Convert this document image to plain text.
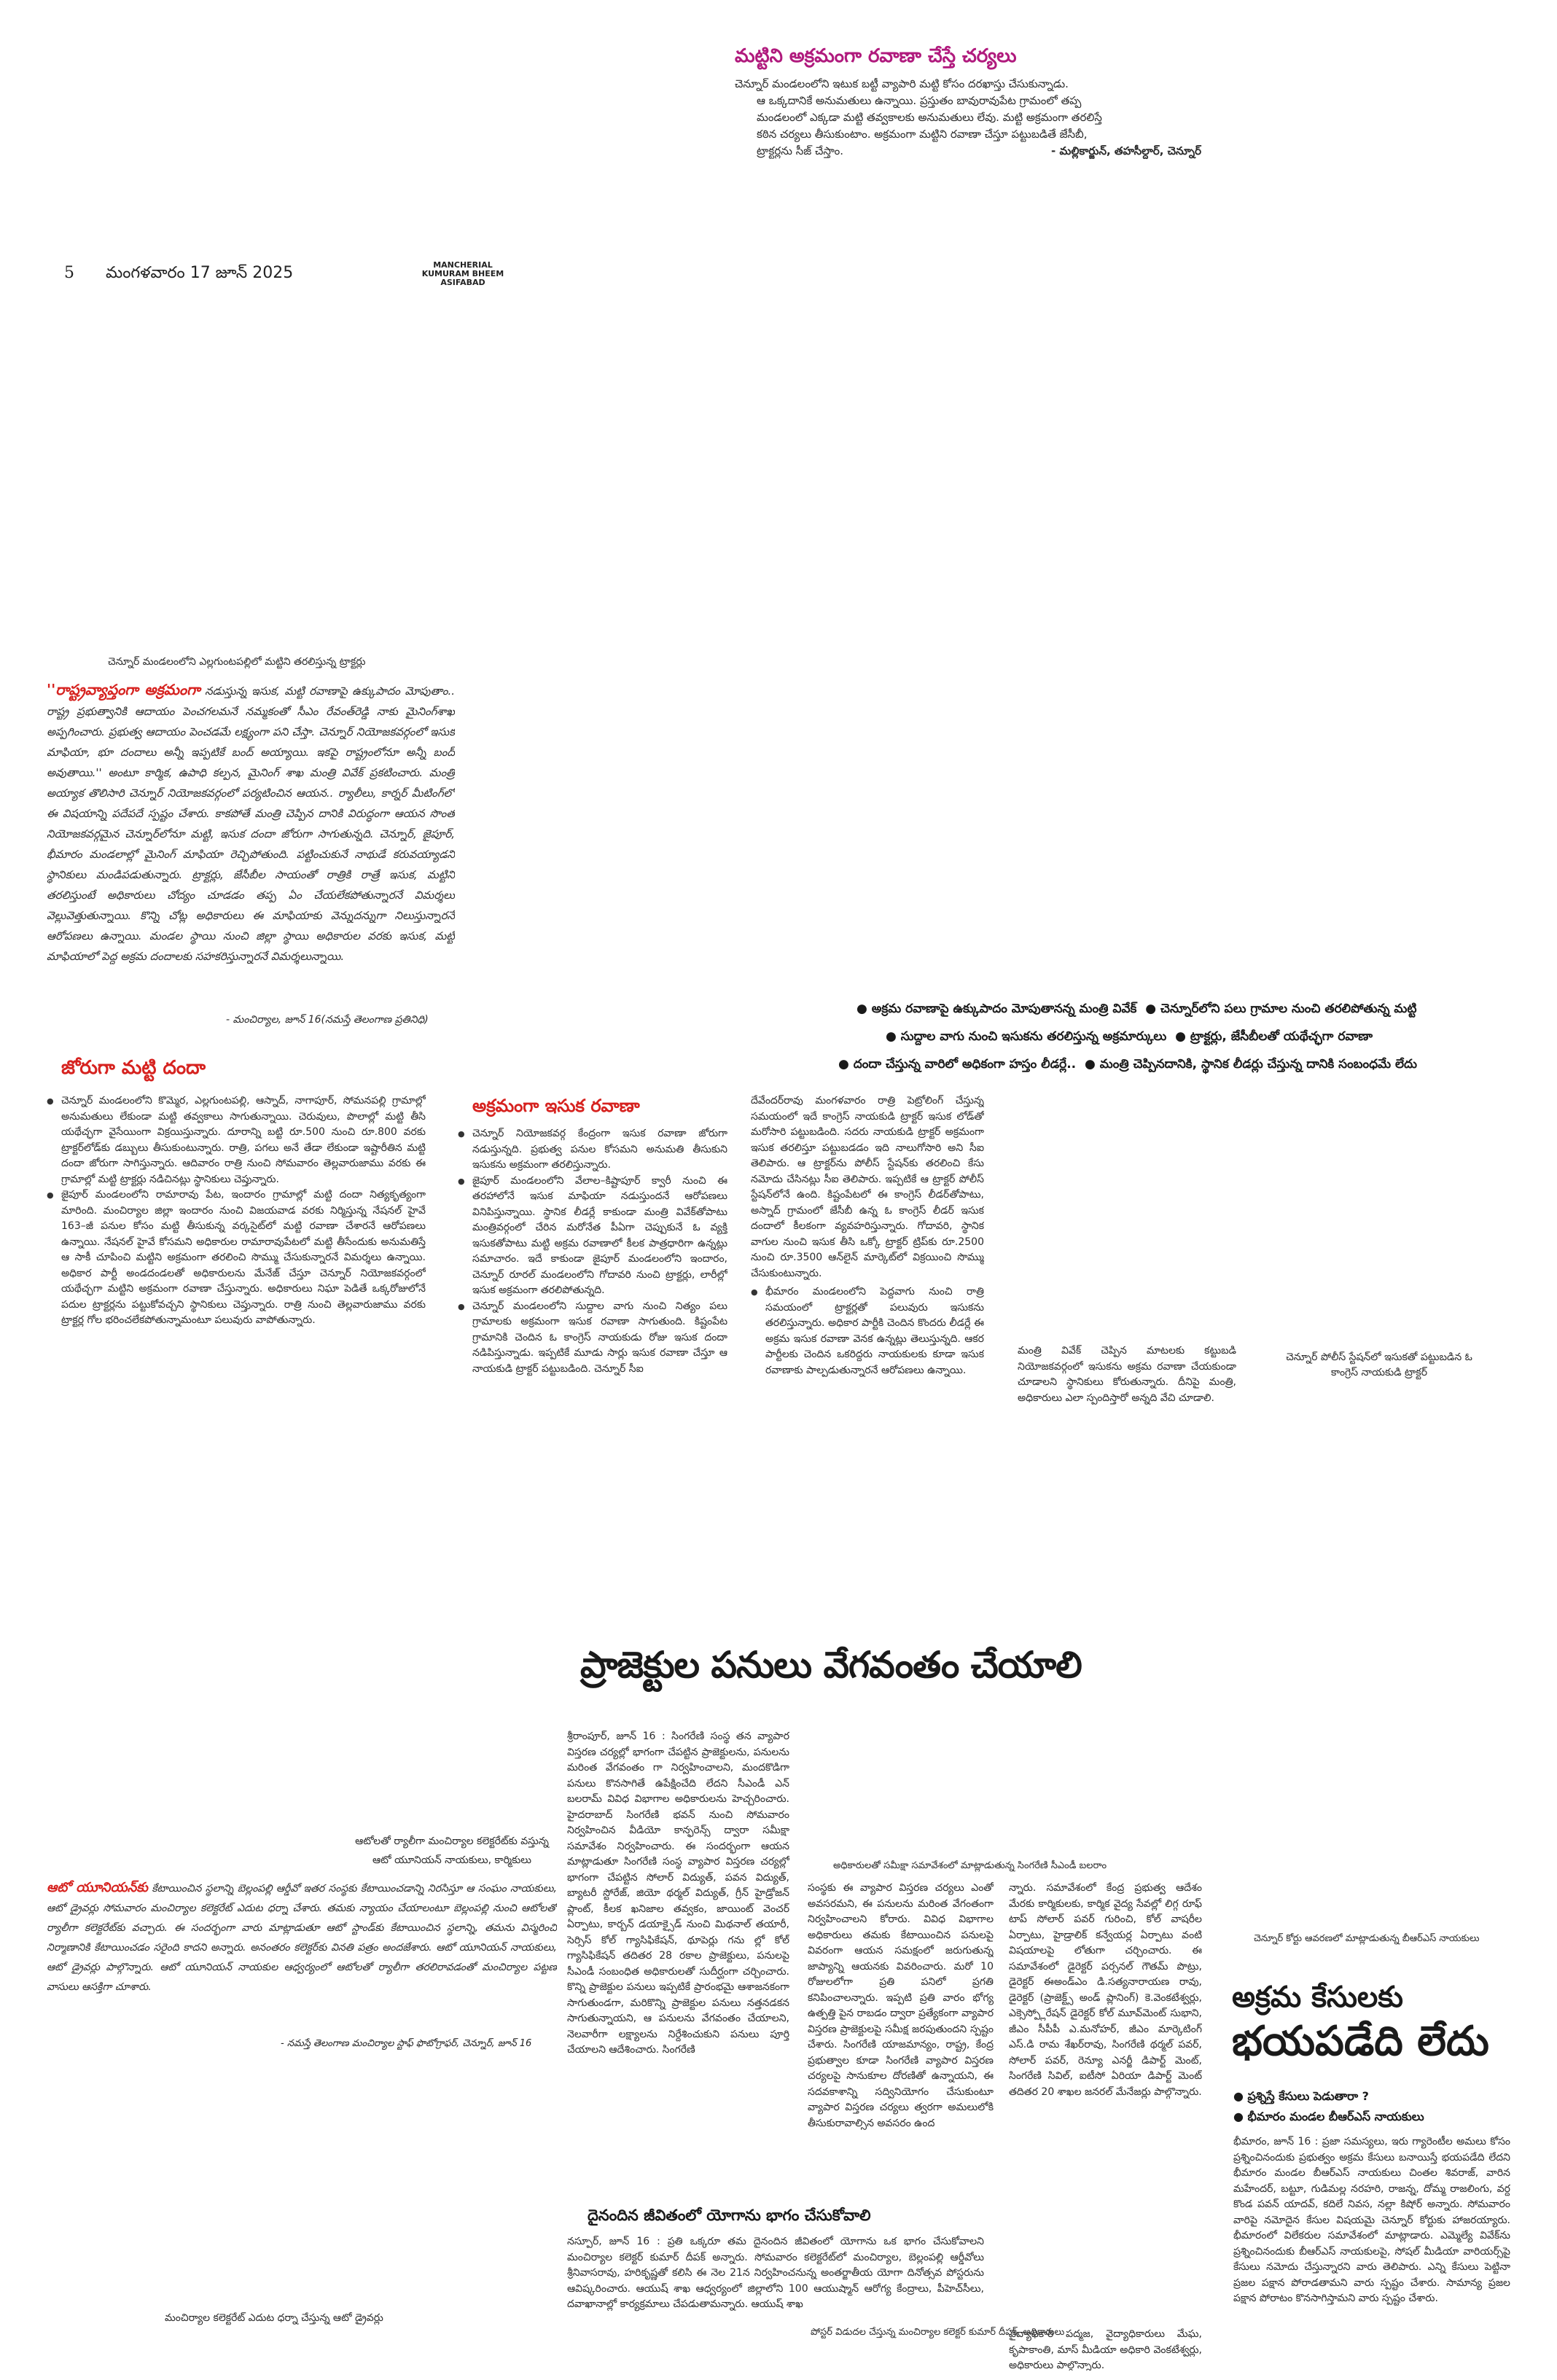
మట్టిని అక్రమంగా రవాణా చేస్తే చర్యలు
చెన్నూర్ మండలంలోని ఇటుక బట్టీ వ్యాపారి మట్టి కోసం దరఖాస్తు చేసుకున్నాడు.
ఆ ఒక్కదానికే అనుమతులు ఉన్నాయి. ప్రస్తుతం బావురావుపేట గ్రామంలో తప్ప
మండలంలో ఎక్కడా మట్టి తవ్వకాలకు అనుమతులు లేవు. మట్టి అక్రమంగా తరలిస్తే
కఠిన చర్యలు తీసుకుంటాం. అక్రమంగా మట్టిని రవాణా చేస్తూ పట్టుబడితే జేసీబీ,
ట్రాక్టర్లను సీజ్ చేస్తాం.	- మల్లికార్జున్, తహసీల్దార్, చెన్నూర్
5 మంగళవారం 17 జూన్ 2025	MANCHERIAL
KUMURAM BHEEM
ASIFABAD
చెన్నూర్ మండలంలోని ఎల్లగుంటపల్లిలో మట్టిని తరలిస్తున్న ట్రాక్టర్లు
''రాష్ట్రవ్యాప్తంగా అక్రమంగా నడుస్తున్న ఇసుక, మట్టి రవాణాపై ఉక్కుపాదం మోపుతాం.. రాష్ట్ర ప్రభుత్వానికి ఆదాయం పెంచగలమనే నమ్మకంతో సీఎం రేవంత్‌రెడ్డి నాకు మైనింగ్‌శాఖ అప్పగించారు. ప్రభుత్వ ఆదాయం పెంచడమే లక్ష్యంగా పని చేస్తా. చెన్నూర్ నియోజకవర్గంలో ఇసుక మాఫియా, భూ దందాలు అన్నీ ఇప్పటికే బంద్ అయ్యాయి. ఇకపై రాష్ట్రంలోనూ అన్నీ బంద్ అవుతాయి.'' అంటూ కార్మిక, ఉపాధి కల్పన, మైనింగ్ శాఖ మంత్రి వివేక్ ప్రకటించారు. మంత్రి అయ్యాక తొలిసారి చెన్నూర్ నియోజకవర్గంలో పర్యటించిన ఆయన.. ర్యాలీలు, కార్నర్ మీటింగ్‌లో ఈ విషయాన్ని పదేపదే స్పష్టం చేశారు. కాకపోతే మంత్రి చెప్పిన దానికి విరుద్ధంగా ఆయన సొంత నియోజకవర్గమైన చెన్నూర్‌లోనూ మట్టి, ఇసుక దందా జోరుగా సాగుతున్నది. చెన్నూర్, జైపూర్, భీమారం మండలాల్లో మైనింగ్ మాఫియా రెచ్చిపోతుంది. పట్టించుకునే నాథుడే కరువయ్యాడని స్థానికులు మండిపడుతున్నారు. ట్రాక్టర్లు, జేసీబీల సాయంతో రాత్రికి రాత్రే ఇసుక, మట్టిని తరలిస్తుంటే అధికారులు చోద్యం చూడడం తప్ప ఏం చేయలేకపోతున్నారనే విమర్శలు వెల్లువెత్తుతున్నాయి. కొన్ని చోట్ల అధికారులు ఈ మాఫియాకు వెన్నుదన్నుగా నిలుస్తున్నారనే ఆరోపణలు ఉన్నాయి. మండల స్థాయి నుంచి జిల్లా స్థాయి అధికారుల వరకు ఇసుక, మట్టి మాఫియాలో పెద్ద అక్రమ దందాలకు సహకరిస్తున్నారనే విమర్శలున్నాయి.
- మంచిర్యాల, జూన్ 16(నమస్తే తెలంగాణ ప్రతినిధి)
● అక్రమ రవాణాపై ఉక్కుపాదం మోపుతానన్న మంత్రి వివేక్ ● చెన్నూర్‌లోని పలు గ్రామాల నుంచి తరలిపోతున్న మట్టి
● సుద్దాల వాగు నుంచి ఇసుకను తరలిస్తున్న అక్రమార్కులు ● ట్రాక్టర్లు, జేసీబీలతో యథేచ్ఛగా రవాణా
● దందా చేస్తున్న వారిలో అధికంగా హస్తం లీడర్లే.. ● మంత్రి చెప్పినదానికి, స్థానిక లీడర్లు చేస్తున్న దానికి సంబంధమే లేదు
జోరుగా మట్టి దందా

● చెన్నూర్ మండలంలోని కొమ్మెర, ఎల్లగుంటపల్లి, ఆస్నాద్, నాగాపూర్, సోమనపల్లి గ్రామాల్లో అనుమతులు లేకుండా మట్టి తవ్వకాలు సాగుతున్నాయి. చెరువులు, పొలాల్లో మట్టి తీసి యథేచ్ఛగా వైసేయింగా విక్రయిస్తున్నారు. దూరాన్ని బట్టి రూ.500 నుంచి రూ.800 వరకు ట్రాక్టర్‌లోడ్‌కు డబ్బులు తీసుకుంటున్నారు. రాత్రి, పగలు అనే తేడా లేకుండా ఇష్టారీతిన మట్టి దందా జోరుగా సాగిస్తున్నారు. ఆదివారం రాత్రి నుంచి సోమవారం తెల్లవారుజాము వరకు ఈ గ్రామాల్లో మట్టి ట్రాక్టర్లు నడిచినట్లు స్థానికులు చెప్తున్నారు.

● జైపూర్ మండలంలోని రామారావు పేట, ఇందారం గ్రామాల్లో మట్టి దందా నిత్యకృత్యంగా మారింది. మంచిర్యాల జిల్లా ఇందారం నుంచి విజయవాడ వరకు నిర్మిస్తున్న నేషనల్ హైవే 163–జీ పనుల కోసం మట్టి తీసుకున్న వర్కసైట్‌లో మట్టి రవాణా చేశారనే ఆరోపణలు ఉన్నాయి. నేషనల్ హైవే కోసమని అధికారుల రామారావుపేటలో మట్టి తీసేందుకు అనుమతిస్తే ఆ సాకీ చూపించి మట్టిని అక్రమంగా తరలించి సొమ్ము చేసుకున్నారనే విమర్శలు ఉన్నాయి. అధికార పార్టీ అండదండలతో అధికారులను మేనేజ్ చేస్తూ చెన్నూర్ నియోజకవర్గంలో యథేచ్ఛగా మట్టిని అక్రమంగా రవాణా చేస్తున్నారు. అధికారులు నిఘా పెడితే ఒక్కరోజులోనే పదుల ట్రాక్టర్లను పట్టుకోవచ్చని స్థానికులు చెప్తున్నారు. రాత్రి నుంచి తెల్లవారుజాము వరకు ట్రాక్టర్ల గోల భరించలేకపోతున్నామంటూ పలువురు వాపోతున్నారు.

అక్రమంగా ఇసుక రవాణా

● చెన్నూర్ నియోజకవర్గ కేంద్రంగా ఇసుక రవాణా జోరుగా నడుస్తున్నది. ప్రభుత్వ పనుల కోసమని అనుమతి తీసుకుని ఇసుకను అక్రమంగా తరలిస్తున్నారు.

● జైపూర్ మండలంలోని వేలాల–కిష్టాపూర్ క్వారీ నుంచి ఈ తరహాలోనే ఇసుక మాఫియా నడుస్తుందనే ఆరోపణలు వినిపిస్తున్నాయి. స్థానిక లీడర్లే కాకుండా మంత్రి వివేక్‌తోపాటు మంత్రివర్గంలో చేరిన మరోనేత పీఏగా చెప్పుకునే ఓ వ్యక్తి ఇసుకతోపాటు మట్టి అక్రమ రవాణాలో కీలక పాత్రధారిగా ఉన్నట్లు సమాచారం. ఇదే కాకుండా జైపూర్ మండలంలోని ఇందారం, చెన్నూర్ రూరల్ మండలంలోని గోదావరి నుంచి ట్రాక్టర్లు, లారీల్లో ఇసుక అక్రమంగా తరలిపోతున్నది.

● చెన్నూర్ మండలంలోని సుద్దాల వాగు నుంచి నిత్యం పలు గ్రామాలకు అక్రమంగా ఇసుక రవాణా సాగుతుంది. కిష్టంపేట గ్రామానికి చెందిన ఓ కాంగ్రెస్ నాయకుడు రోజు ఇసుక దందా నడిపిస్తున్నాడు. ఇప్పటికే మూడు సార్లు ఇసుక రవాణా చేస్తూ ఆ నాయకుడి ట్రాక్టర్ పట్టుబడింది. చెన్నూర్ సీఐ

దేవేందర్‌రావు మంగళవారం రాత్రి పెట్రోలింగ్ చేస్తున్న సమయంలో ఇదే కాంగ్రెస్ నాయకుడి ట్రాక్టర్ ఇసుక లోడ్‌తో మరోసారి పట్టుబడింది. సదరు నాయకుడి ట్రాక్టర్ అక్రమంగా ఇసుక తరలిస్తూ పట్టుబడడం ఇది నాలుగోసారి అని సీఐ తెలిపారు. ఆ ట్రాక్టర్‌ను పోలీస్ స్టేషన్‌కు తరలించి కేసు నమోదు చేసినట్లు సీఐ తెలిపారు. ఇప్పటికే ఆ ట్రాక్టర్ పోలీస్ స్టేషన్‌లోనే ఉంది. కిష్టంపేటలో ఈ కాంగ్రెస్ లీడర్‌తోపాటు, అస్నాద్ గ్రామంలో జేసీబీ ఉన్న ఓ కాంగ్రెస్ లీడర్ ఇసుక దందాలో కీలకంగా వ్యవహరిస్తున్నారు. గోదావరి, స్థానిక వాగుల నుంచి ఇసుక తీసి ఒక్కో ట్రాక్టర్ ట్రిప్‌కు రూ.2500 నుంచి రూ.3500 ఆన్‌లైన్ మార్కెట్‌లో విక్రయించి సొమ్ము చేసుకుంటున్నారు.

● భీమారం మండలంలోని పెద్దవాగు నుంచి రాత్రి సమయంలో ట్రాక్టర్లతో పలువురు ఇసుకను తరలిస్తున్నారు. అధికార పార్టీకి చెందిన కొందరు లీడర్లే ఈ అక్రమ ఇసుక రవాణా వెనక ఉన్నట్లు తెలుస్తున్నది. ఆకర పార్టీలకు చెందిన ఒకరిద్దరు నాయకులకు కూడా ఇసుక రవాణాకు పాల్పడుతున్నారనే ఆరోపణలు ఉన్నాయి.

మంత్రి వివేక్ చెప్పిన మాటలకు కట్టుబడి నియోజకవర్గంలో ఇసుకను అక్రమ రవాణా చేయకుండా చూడాలని స్థానికులు కోరుతున్నారు. దీనిపై మంత్రి, అధికారులు ఎలా స్పందిస్తారో అన్నది వేచి చూడాలి.
చెన్నూర్ పోలీస్ స్టేషన్‌లో ఇసుకతో పట్టుబడిన ఓ కాంగ్రెస్ నాయకుడి ట్రాక్టర్
ప్రాజెక్టుల పనులు వేగవంతం చేయాలి
ఆటోలతో ర్యాలీగా మంచిర్యాల కలెక్టరేట్‌కు వస్తున్న
ఆటో యూనియన్ నాయకులు, కార్మికులు
ఆటో యూనియన్‌కు కేటాయించిన స్థలాన్ని బెల్లంపల్లి ఆర్డీవో ఇతర సంస్థకు కేటాయించడాన్ని నిరసిస్తూ ఆ సంఘం నాయకులు, ఆటో డ్రైవర్లు సోమవారం మంచిర్యాల కలెక్టరేట్ ఎదుట ధర్నా చేశారు. తమకు న్యాయం చేయాలంటూ బెల్లంపల్లి నుంచి ఆటోలతో ర్యాలీగా కలెక్టరేట్‌కు వచ్చారు. ఈ సందర్భంగా వారు మాట్లాడుతూ ఆటో స్టాండ్‌కు కేటాయించిన స్థలాన్ని, తమను విస్మరించి నిర్మాణానికి కేటాయించడం సరైంది కాదని అన్నారు. అనంతరం కలెక్టర్‌కు వినతి పత్రం అందజేశారు. ఆటో యూనియన్ నాయకులు, ఆటో డ్రైవర్లు పాల్గొన్నారు. ఆటో యూనియన్ నాయకుల ఆధ్వర్యంలో ఆటోలతో ర్యాలీగా తరలిరావడంతో మంచిర్యాల పట్టణ వాసులు ఆసక్తిగా చూశారు.
- నమస్తే తెలంగాణ మంచిర్యాల స్టాఫ్ ఫొటోగ్రాఫర్, చెన్నూర్, జూన్ 16
శ్రీరాంపూర్, జూన్ 16 : సింగరేణి సంస్థ తన వ్యాపార విస్తరణ చర్యల్లో భాగంగా చేపట్టిన ప్రాజెక్టులను, పనులను మరింత వేగవంతం గా నిర్వహించాలని, మందకొడిగా పనులు కొనసాగితే ఉపేక్షించేది లేదని సీఎండీ ఎన్ బలరామ్ వివిధ విభాగాల అధికారులను హెచ్చరించారు. హైదరాబాద్ సింగరేణి భవన్ నుంచి సోమవారం నిర్వహించిన వీడియో కాన్ఫరెన్స్ ద్వారా సమీక్షా సమావేశం నిర్వహించారు. ఈ సందర్భంగా ఆయన మాట్లాడుతూ సింగరేణి సంస్థ వ్యాపార విస్తరణ చర్యల్లో భాగంగా చేపట్టిన సోలార్ విద్యుత్, పవన విద్యుత్, బ్యాటరీ స్టోరేజ్, జియో థర్మల్ విద్యుత్, గ్రీన్ హైడ్రోజన్ ప్లాంట్, కీలక ఖనిజాల తవ్వకం, జాయింట్ వెంచర్ ఏర్పాటు, కార్బన్ డయాక్సైడ్ నుంచి మిథనాల్ తయారీ, సెర్సిస్ కోల్ గ్యాసిఫికేషన్, థూపెర్లు గను ల్లో కోల్ గ్యాసిఫికేషన్ తదితర 28 రకాల ప్రాజెక్టులు, పనులపై సీఎండీ సంబంధిత అధికారులతో సుదీర్ఘంగా చర్చించారు. కొన్ని ప్రాజెక్టుల పనులు ఇప్పటికే ప్రారంభమై ఆశాజనకంగా సాగుతుండగా, మరికొన్ని ప్రాజెక్టుల పనులు నత్తనడకన సాగుతున్నాయని, ఆ పనులను వేగవంతం చేయాలని, నెలవారీగా లక్ష్యాలను నిర్దేశించుకుని పనులు పూర్తి చేయాలని ఆదేశించారు. సింగరేణి
అధికారులతో సమీక్షా సమావేశంలో మాట్లాడుతున్న సింగరేణి సీఎండీ బలరాం
సంస్థకు ఈ వ్యాపార విస్తరణ చర్యలు ఎంతో అవసరమని, ఈ పనులను మరింత వేగంతంగా నిర్వహించాలని కోరారు. వివిధ విభాగాల అధికారులు తమకు కేటాయించిన పనులపై వివరంగా ఆయన సమక్షంలో జరుగుతున్న జాప్యాన్ని ఆయనకు వివరించారు. మరో 10 రోజులలోగా ప్రతి పనిలో ప్రగతి కనిపించాలన్నారు. ఇప్పటి ప్రతి వారం భోగ్య ఉత్పత్తి పైన రాబడం ద్వారా ప్రత్యేకంగా వ్యాపార విస్తరణ ప్రాజెక్టులపై సమీక్ష జరపుతుందని స్పష్టం చేశారు. సింగరేణి యాజమాన్యం, రాష్ట్ర, కేంద్ర ప్రభుత్వాల కూడా సింగరేణి వ్యాపార విస్తరణ చర్యలపై సానుకూల దోరణితో ఉన్నాయని, ఈ సదవకాశాన్ని సద్వినియోగం చేసుకుంటూ వ్యాపార విస్తరణ చర్యలు త్వరగా అమలులోకి తీసుకురావాల్సిన అవసరం ఉంద
న్నారు. సమావేశంలో కేంద్ర ప్రభుత్వ ఆదేశం మేరకు కార్మికులకు, కార్మిక వైద్య సేవల్లో లిగ్గ రూఫ్ టాప్ సోలార్ పవర్ గురించి, కోల్ వాషరీల ఏర్పాటు, హైడ్రాలిక్ కన్వేయర్ల ఏర్పాటు వంటి విషయాలపై లోతుగా చర్చించారు. ఈ సమావేశంలో డైరెక్టర్ పర్సనల్ గౌతమ్ పొట్రు, డైరెక్టర్ ఈఅండ్ఎం డి.సత్యనారాయణ రావు, డైరెక్టర్ (ప్రాజెక్ట్స్ అండ్ ప్లానింగ్) కె.వెంకటేశ్వర్లు, ఎక్సెస్ప్లోరేషన్ డైరెక్టర్ కోల్ మూవ్‌మెంట్ సుభాని, జీఎం సీపీపీ ఎ.మనోహర్, జీఎం మార్కెటింగ్ ఎస్.డి రామ శేఖర్‌రావు, సింగరేణి థర్మల్ పవర్, సోలార్ పవర్, రెన్యూ ఎనర్జీ డిపార్ట్ మెంట్, సింగరేణి సివిల్, ఐటీసో ఏరియా డిపార్ట్ మెంట్ తదితర 20 శాఖల జనరల్ మేనేజర్లు పాల్గొన్నారు.
దైనందిన జీవితంలో యోగాను భాగం చేసుకోవాలి
నస్పూర్, జూన్ 16 : ప్రతి ఒక్కరూ తమ దైనందిన జీవితంలో యోగాను ఒక భాగం చేసుకోవాలని మంచిర్యాల కలెక్టర్ కుమార్ దీపక్ అన్నారు. సోమవారం కలెక్టరేట్‌లో మంచిర్యాల, బెల్లంపల్లి ఆర్డీవోలు శ్రీనివాసరావు, హరికృష్ణతో కలిసి ఈ నెల 21న నిర్వహించనున్న అంతర్జాతీయ యోగా దినోత్సవ పోస్టరును ఆవిష్కరించారు. ఆయుష్ శాఖ ఆధ్వర్యంలో జిల్లాలోని 100 ఆయుష్మాన్ ఆరోగ్య కేంద్రాలు, పీహెచ్‌సీలు, దవాఖానాల్లో కార్యక్రమాలు చేపడుతామన్నారు. ఆయుష్ శాఖ
పోస్టర్ విడుదల చేస్తున్న మంచిర్యాల కలెక్టర్ కుమార్ దీపక్, అధికారులు
వైద్యాధికారి పద్మజ, వైద్యాధికారులు మేఘ, కృపాకాంతి, మాస్ మీడియా అధికారి వెంకటేశ్వర్లు, అధికారులు పాల్గొన్నారు.
చెన్నూర్ కోర్టు ఆవరణలో మాట్లాడుతున్న బీఆర్ఎస్ నాయకులు
అక్రమ కేసులకు
భయపడేది లేదు
● ప్రశ్నిస్తే కేసులు పెడుతారా ?
● భీమారం మండల బీఆర్ఎస్ నాయకులు
భీమారం, జూన్ 16 : ప్రజా సమస్యలు, ఇరు గ్యారెంటీల అమలు కోసం ప్రశ్నించినందుకు ప్రభుత్వం అక్రమ కేసులు బనాయిస్తే భయపడేది లేదని భీమారం మండల బీఆర్ఎస్ నాయకులు చింతల శివరాజ్, వారిన మహేందర్, బట్టూ, గుడిమల్ల నరహరి, రాజన్న, దోమ్మ రాజలింగు, వర్ద కొండ పవన్ యాదవ్, కదిలే నివస, నల్లా కిషోర్ అన్నారు. సోమవారం వారిపై నమోదైన కేసుల విషయమై చెన్నూర్ కోర్టుకు హాజరయ్యారు. భీమారంలో విలేకరుల సమావేశంలో మాట్లాడారు. ఎమ్మెల్యే వివేక్‌ను ప్రశ్నించినందుకు బీఆర్ఎస్ నాయకులపై, సోషల్ మీడియా వారియర్స్‌పై కేసులు నమోదు చేస్తున్నారని వారు తెలిపారు. ఎన్ని కేసులు పెట్టినా ప్రజల పక్షాన పోరాడతామని వారు స్పష్టం చేశారు. సామాన్య ప్రజల పక్షాన పోరాటం కొనసాగిస్తామని వారు స్పష్టం చేశారు.
మంచిర్యాల కలెక్టరేట్ ఎదుట ధర్నా చేస్తున్న ఆటో డ్రైవర్లు
